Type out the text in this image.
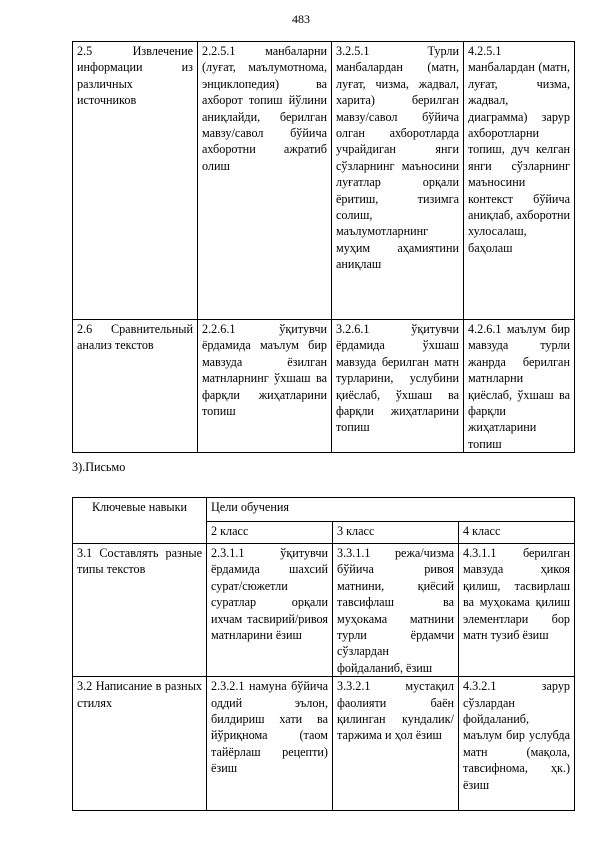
483
2.5 Извлечение информации из различных источников	2.2.5.1 манбаларни (луғат, маълумотнома, энциклопедия) ва ахборот топиш йўлини аниқлайди, берилган мавзу/савол бўйича ахборотни ажратиб олиш	3.2.5.1 Турли манбалардан (матн, луғат, чизма, жадвал, харита) берилган мавзу/савол бўйича олган ахборотларда учрайдиган янги сўзларнинг маъносини луғатлар орқали ёритиш, тизимга солиш, маълумотларнинг муҳим аҳамиятини аниқлаш	4.2.5.1 манбалардан (матн, луғат, чизма, жадвал, диаграмма) зарур ахборотларни топиш, дуч келган янги сўзларнинг маъносини контекст бўйича аниқлаб, ахборотни хулосалаш, баҳолаш
2.6 Сравнительный анализ текстов	2.2.6.1 ўқитувчи ёрдамида маълум бир мавзуда ёзилган матнларнинг ўхшаш ва фарқли жиҳатларини топиш	3.2.6.1 ўқитувчи ёрдамида ўхшаш мавзуда берилган матн турларини, услубини қиёслаб, ўхшаш ва фарқли жиҳатларини топиш	4.2.6.1 маълум бир мавзуда турли жанрда берилган матнларни қиёслаб, ўхшаш ва фарқли жиҳатларини топиш
3).Письмо
Ключевые навыки	Цели обучения		
	2 класс	3 класс	4 класс
3.1 Составлять разные типы текстов	2.3.1.1 ўқитувчи ёрдамида шахсий сурат/сюжетли суратлар орқали ихчам тасвирий/ривоя матнларини ёзиш	3.3.1.1 режа/чизма бўйича ривоя матнини, қиёсий тавсифлаш ва муҳокама матнини турли ёрдамчи сўзлардан фойдаланиб, ёзиш	4.3.1.1 берилган мавзуда ҳикоя қилиш, тасвирлаш ва муҳокама қилиш элементлари бор матн тузиб ёзиш
3.2 Написание в разных стилях	2.3.2.1 намуна бўйича оддий эълон, билдириш хати ва йўриқнома (таом тайёрлаш рецепти) ёзиш	3.3.2.1 мустақил фаолияти баён қилинган кундалик/таржима и ҳол ёзиш	4.3.2.1 зарур сўзлардан фойдаланиб, маълум бир услубда матн (мақола, тавсифнома, ҳк.) ёзиш
